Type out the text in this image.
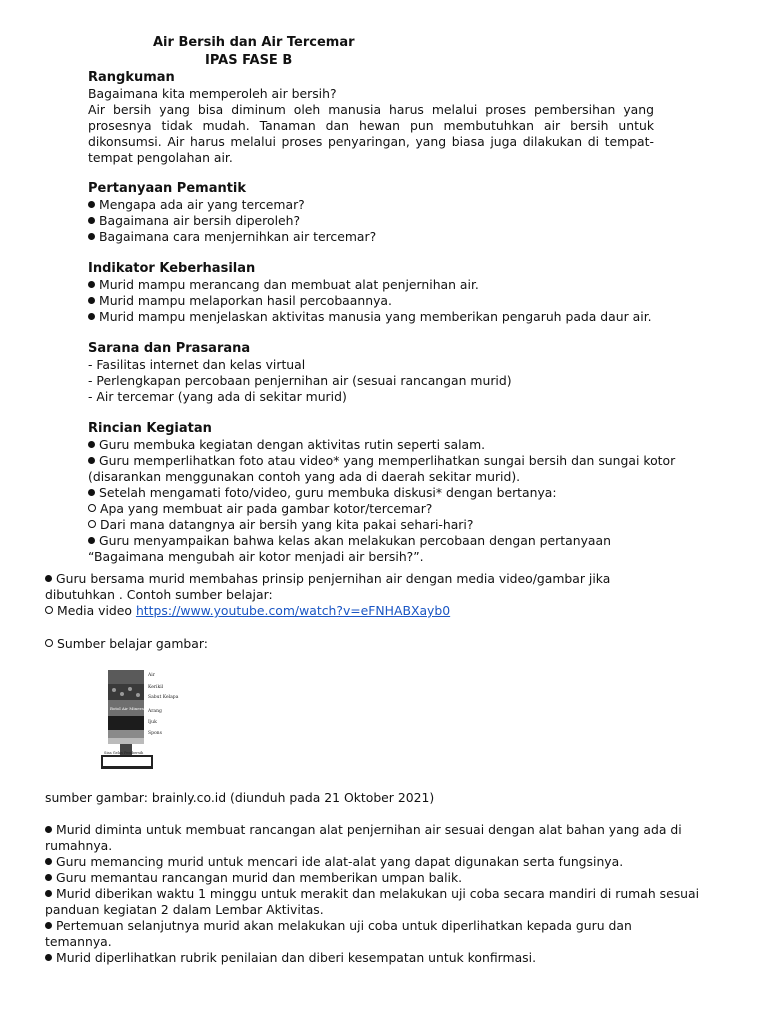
Air Bersih dan Air Tercemar
IPAS FASE B
Rangkuman
Bagaimana kita memperoleh air bersih?
Air bersih yang bisa diminum oleh manusia harus melalui proses pembersihan yang
prosesnya tidak mudah. Tanaman dan hewan pun membutuhkan air bersih untuk
dikonsumsi. Air harus melalui proses penyaringan, yang biasa juga dilakukan di tempat-
tempat pengolahan air.
Pertanyaan Pemantik
Mengapa ada air yang tercemar?
Bagaimana air bersih diperoleh?
Bagaimana cara menjernihkan air tercemar?
Indikator Keberhasilan
Murid mampu merancang dan membuat alat penjernihan air.
Murid mampu melaporkan hasil percobaannya.
Murid mampu menjelaskan aktivitas manusia yang memberikan pengaruh pada daur air.
Sarana dan Prasarana
- Fasilitas internet dan kelas virtual
- Perlengkapan percobaan penjernihan air (sesuai rancangan murid)
- Air tercemar (yang ada di sekitar murid)
Rincian Kegiatan
Guru membuka kegiatan dengan aktivitas rutin seperti salam.
Guru memperlihatkan foto atau video* yang memperlihatkan sungai bersih dan sungai kotor
(disarankan menggunakan contoh yang ada di daerah sekitar murid).
Setelah mengamati foto/video, guru membuka diskusi* dengan bertanya:
Apa yang membuat air pada gambar kotor/tercemar?
Dari mana datangnya air bersih yang kita pakai sehari-hari?
Guru menyampaikan bahwa kelas akan melakukan percobaan dengan pertanyaan
“Bagaimana mengubah air kotor menjadi air bersih?”.
Guru bersama murid membahas prinsip penjernihan air dengan media video/gambar jika
dibutuhkan . Contoh sumber belajar:
Media video https://www.youtube.com/watch?v=eFNHABXayb0
Sumber belajar gambar:
Air
Kerikil
Sabut Kelapa
Arang
Ijuk
Spons
Botol Air Mineral
Sisa Gelas Pembersih
sumber gambar: brainly.co.id (diunduh pada 21 Oktober 2021)
Murid diminta untuk membuat rancangan alat penjernihan air sesuai dengan alat bahan yang ada di
rumahnya.
Guru memancing murid untuk mencari ide alat-alat yang dapat digunakan serta fungsinya.
Guru memantau rancangan murid dan memberikan umpan balik.
Murid diberikan waktu 1 minggu untuk merakit dan melakukan uji coba secara mandiri di rumah sesuai
panduan kegiatan 2 dalam Lembar Aktivitas.
Pertemuan selanjutnya murid akan melakukan uji coba untuk diperlihatkan kepada guru dan
temannya.
Murid diperlihatkan rubrik penilaian dan diberi kesempatan untuk konfirmasi.
